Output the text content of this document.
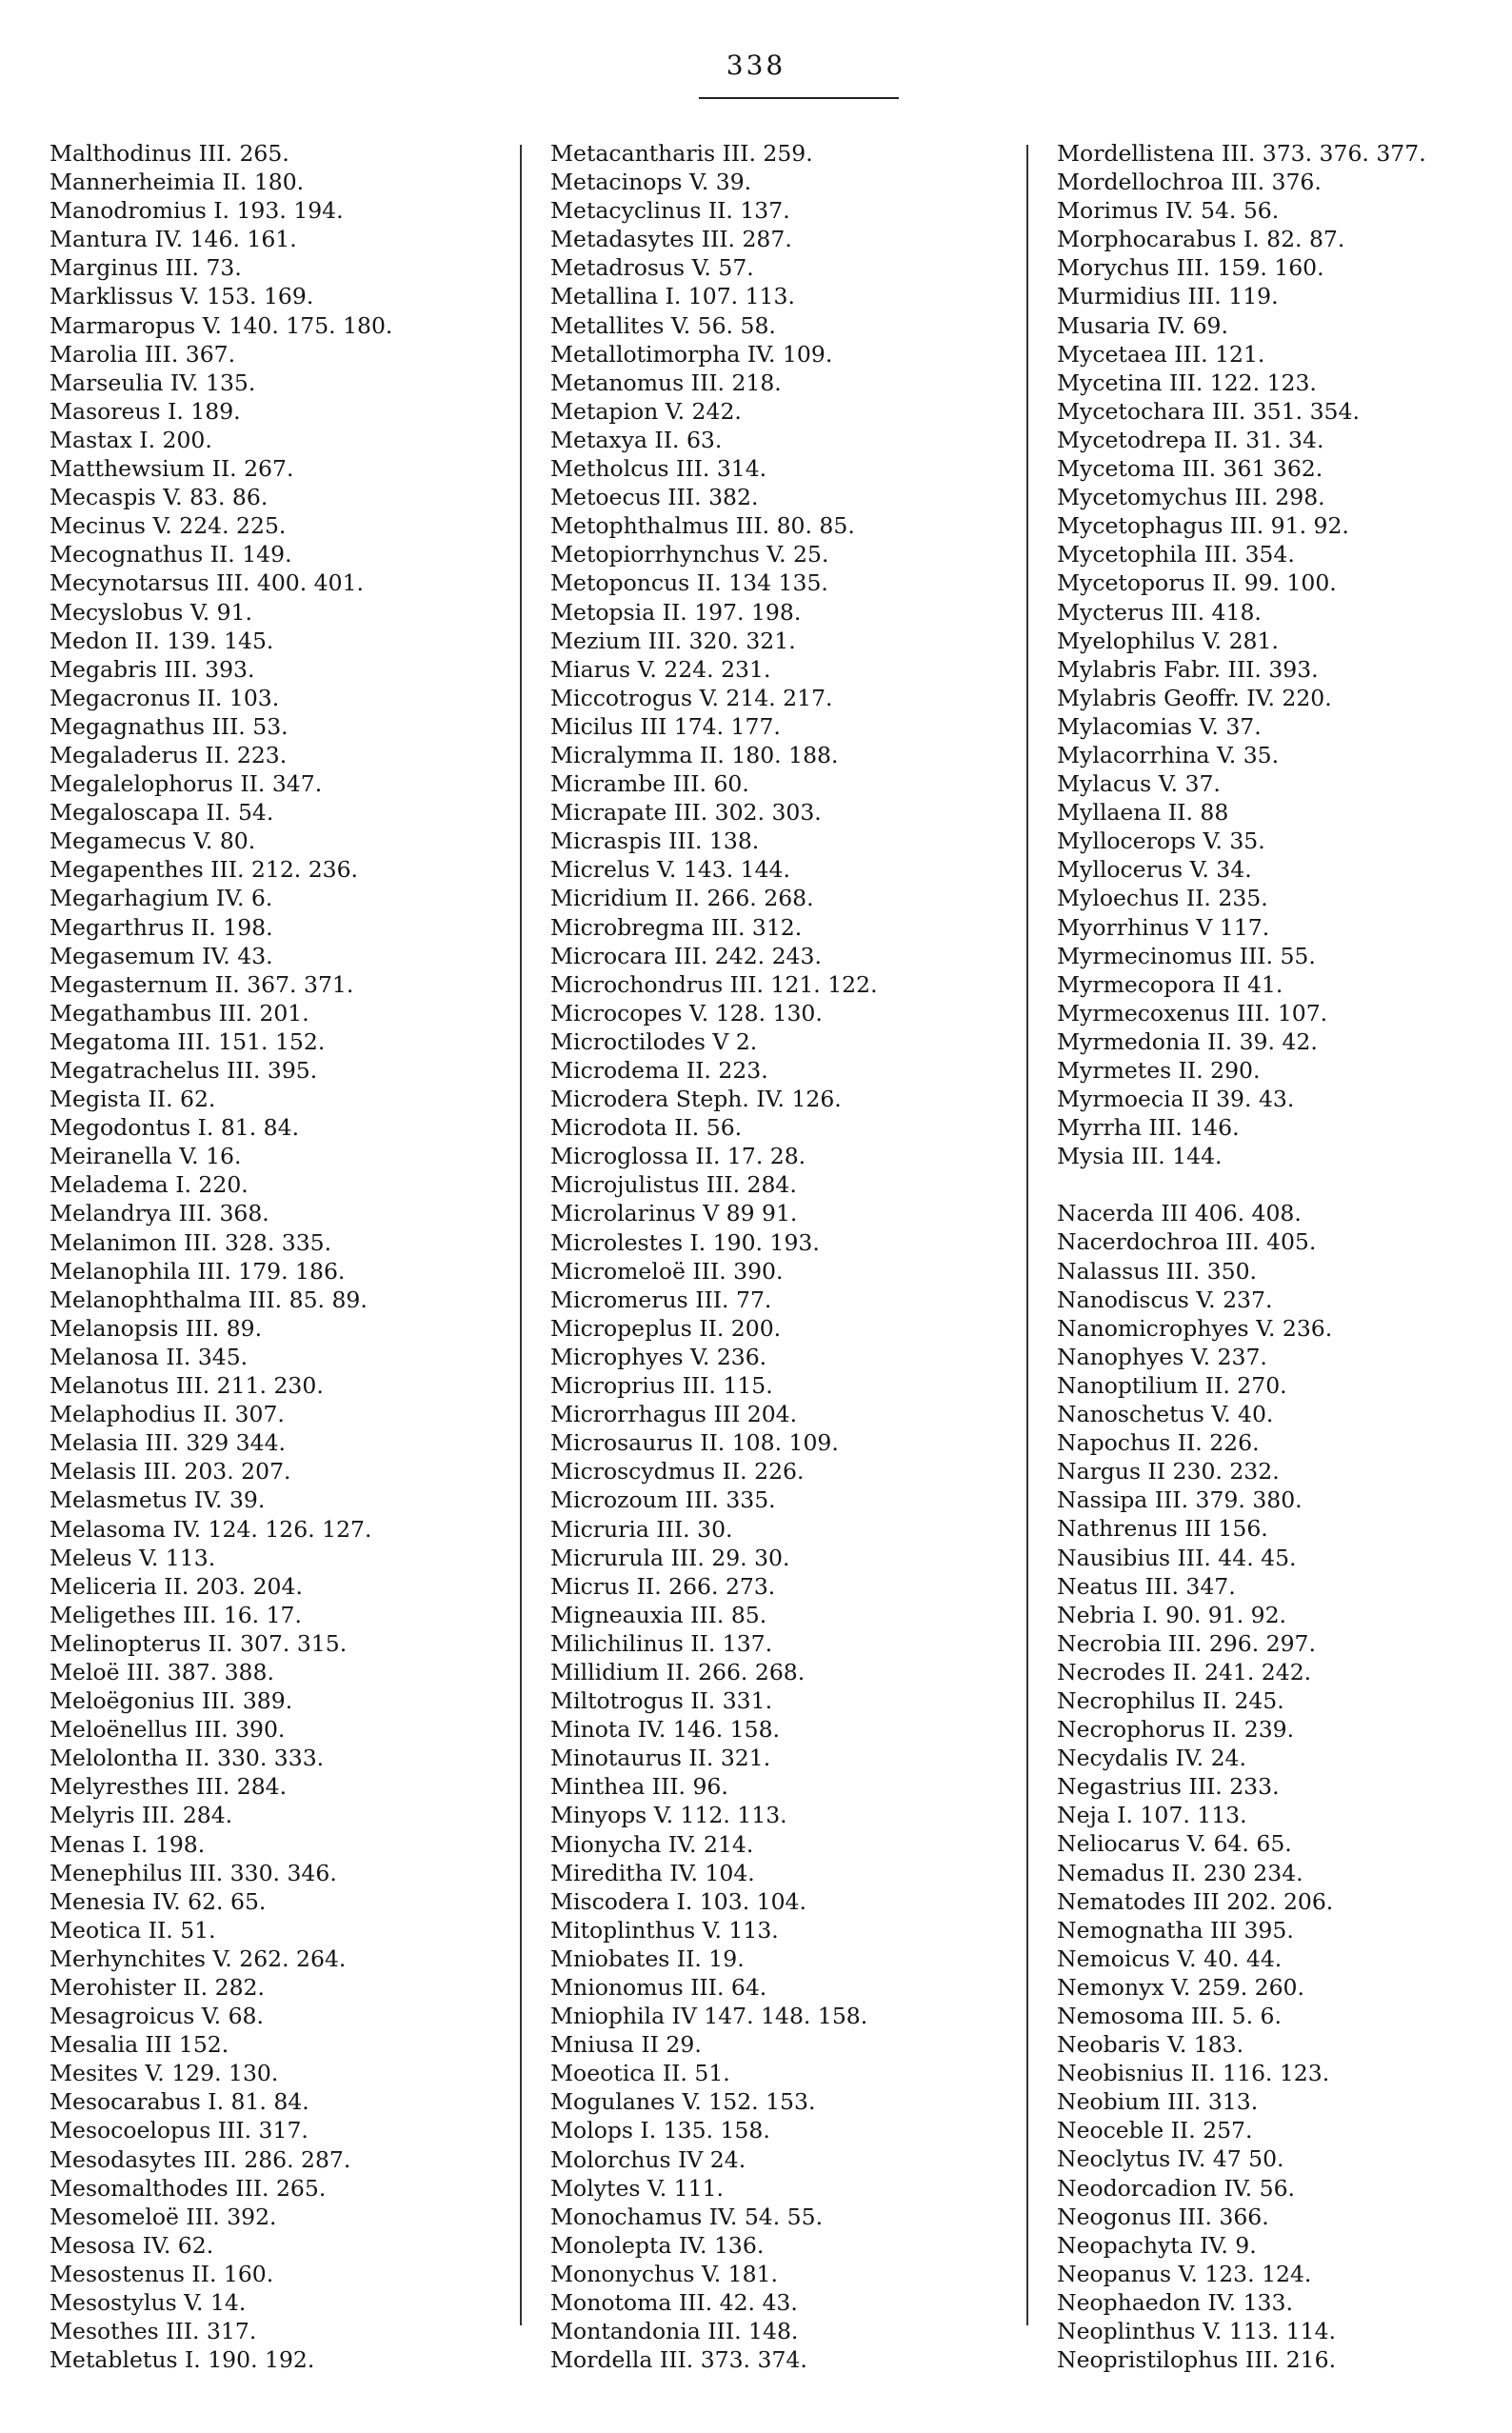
338
Malthodinus III. 265.
Mannerheimia II. 180.
Manodromius I. 193. 194.
Mantura IV. 146. 161.
Marginus III. 73.
Marklissus V. 153. 169.
Marmaropus V. 140. 175. 180.
Marolia III. 367.
Marseulia IV. 135.
Masoreus I. 189.
Mastax I. 200.
Matthewsium II. 267.
Mecaspis V. 83. 86.
Mecinus V. 224. 225.
Mecognathus II. 149.
Mecynotarsus III. 400. 401.
Mecyslobus V. 91.
Medon II. 139. 145.
Megabris III. 393.
Megacronus II. 103.
Megagnathus III. 53.
Megaladerus II. 223.
Megalelophorus II. 347.
Megaloscapa II. 54.
Megamecus V. 80.
Megapenthes III. 212. 236.
Megarhagium IV. 6.
Megarthrus II. 198.
Megasemum IV. 43.
Megasternum II. 367. 371.
Megathambus III. 201.
Megatoma III. 151. 152.
Megatrachelus III. 395.
Megista II. 62.
Megodontus I. 81. 84.
Meiranella V. 16.
Meladema I. 220.
Melandrya III. 368.
Melanimon III. 328. 335.
Melanophila III. 179. 186.
Melanophthalma III. 85. 89.
Melanopsis III. 89.
Melanosa II. 345.
Melanotus III. 211. 230.
Melaphodius II. 307.
Melasia III. 329 344.
Melasis III. 203. 207.
Melasmetus IV. 39.
Melasoma IV. 124. 126. 127.
Meleus V. 113.
Meliceria II. 203. 204.
Meligethes III. 16. 17.
Melinopterus II. 307. 315.
Meloë III. 387. 388.
Meloëgonius III. 389.
Meloënellus III. 390.
Melolontha II. 330. 333.
Melyresthes III. 284.
Melyris III. 284.
Menas I. 198.
Menephilus III. 330. 346.
Menesia IV. 62. 65.
Meotica II. 51.
Merhynchites V. 262. 264.
Merohister II. 282.
Mesagroicus V. 68.
Mesalia III 152.
Mesites V. 129. 130.
Mesocarabus I. 81. 84.
Mesocoelopus III. 317.
Mesodasytes III. 286. 287.
Mesomalthodes III. 265.
Mesomeloë III. 392.
Mesosa IV. 62.
Mesostenus II. 160.
Mesostylus V. 14.
Mesothes III. 317.
Metabletus I. 190. 192.
Metacantharis III. 259.
Metacinops V. 39.
Metacyclinus II. 137.
Metadasytes III. 287.
Metadrosus V. 57.
Metallina I. 107. 113.
Metallites V. 56. 58.
Metallotimorpha IV. 109.
Metanomus III. 218.
Metapion V. 242.
Metaxya II. 63.
Metholcus III. 314.
Metoecus III. 382.
Metophthalmus III. 80. 85.
Metopiorrhynchus V. 25.
Metoponcus II. 134 135.
Metopsia II. 197. 198.
Mezium III. 320. 321.
Miarus V. 224. 231.
Miccotrogus V. 214. 217.
Micilus III 174. 177.
Micralymma II. 180. 188.
Micrambe III. 60.
Micrapate III. 302. 303.
Micraspis III. 138.
Micrelus V. 143. 144.
Micridium II. 266. 268.
Microbregma III. 312.
Microcara III. 242. 243.
Microchondrus III. 121. 122.
Microcopes V. 128. 130.
Microctilodes V 2.
Microdema II. 223.
Microdera Steph. IV. 126.
Microdota II. 56.
Microglossa II. 17. 28.
Microjulistus III. 284.
Microlarinus V 89 91.
Microlestes I. 190. 193.
Micromeloë III. 390.
Micromerus III. 77.
Micropeplus II. 200.
Microphyes V. 236.
Microprius III. 115.
Microrrhagus III 204.
Microsaurus II. 108. 109.
Microscydmus II. 226.
Microzoum III. 335.
Micruria III. 30.
Micrurula III. 29. 30.
Micrus II. 266. 273.
Migneauxia III. 85.
Milichilinus II. 137.
Millidium II. 266. 268.
Miltotrogus II. 331.
Minota IV. 146. 158.
Minotaurus II. 321.
Minthea III. 96.
Minyops V. 112. 113.
Mionycha IV. 214.
Mireditha IV. 104.
Miscodera I. 103. 104.
Mitoplinthus V. 113.
Mniobates II. 19.
Mnionomus III. 64.
Mniophila IV 147. 148. 158.
Mniusa II 29.
Moeotica II. 51.
Mogulanes V. 152. 153.
Molops I. 135. 158.
Molorchus IV 24.
Molytes V. 111.
Monochamus IV. 54. 55.
Monolepta IV. 136.
Mononychus V. 181.
Monotoma III. 42. 43.
Montandonia III. 148.
Mordella III. 373. 374.
Mordellistena III. 373. 376. 377.
Mordellochroa III. 376.
Morimus IV. 54. 56.
Morphocarabus I. 82. 87.
Morychus III. 159. 160.
Murmidius III. 119.
Musaria IV. 69.
Mycetaea III. 121.
Mycetina III. 122. 123.
Mycetochara III. 351. 354.
Mycetodrepa II. 31. 34.
Mycetoma III. 361 362.
Mycetomychus III. 298.
Mycetophagus III. 91. 92.
Mycetophila III. 354.
Mycetoporus II. 99. 100.
Mycterus III. 418.
Myelophilus V. 281.
Mylabris Fabr. III. 393.
Mylabris Geoffr. IV. 220.
Mylacomias V. 37.
Mylacorrhina V. 35.
Mylacus V. 37.
Myllaena II. 88
Myllocerops V. 35.
Myllocerus V. 34.
Myloechus II. 235.
Myorrhinus V 117.
Myrmecinomus III. 55.
Myrmecopora II 41.
Myrmecoxenus III. 107.
Myrmedonia II. 39. 42.
Myrmetes II. 290.
Myrmoecia II 39. 43.
Myrrha III. 146.
Mysia III. 144.
Nacerda III 406. 408.
Nacerdochroa III. 405.
Nalassus III. 350.
Nanodiscus V. 237.
Nanomicrophyes V. 236.
Nanophyes V. 237.
Nanoptilium II. 270.
Nanoschetus V. 40.
Napochus II. 226.
Nargus II 230. 232.
Nassipa III. 379. 380.
Nathrenus III 156.
Nausibius III. 44. 45.
Neatus III. 347.
Nebria I. 90. 91. 92.
Necrobia III. 296. 297.
Necrodes II. 241. 242.
Necrophilus II. 245.
Necrophorus II. 239.
Necydalis IV. 24.
Negastrius III. 233.
Neja I. 107. 113.
Neliocarus V. 64. 65.
Nemadus II. 230 234.
Nematodes III 202. 206.
Nemognatha III 395.
Nemoicus V. 40. 44.
Nemonyx V. 259. 260.
Nemosoma III. 5. 6.
Neobaris V. 183.
Neobisnius II. 116. 123.
Neobium III. 313.
Neoceble II. 257.
Neoclytus IV. 47 50.
Neodorcadion IV. 56.
Neogonus III. 366.
Neopachyta IV. 9.
Neopanus V. 123. 124.
Neophaedon IV. 133.
Neoplinthus V. 113. 114.
Neopristilophus III. 216.
